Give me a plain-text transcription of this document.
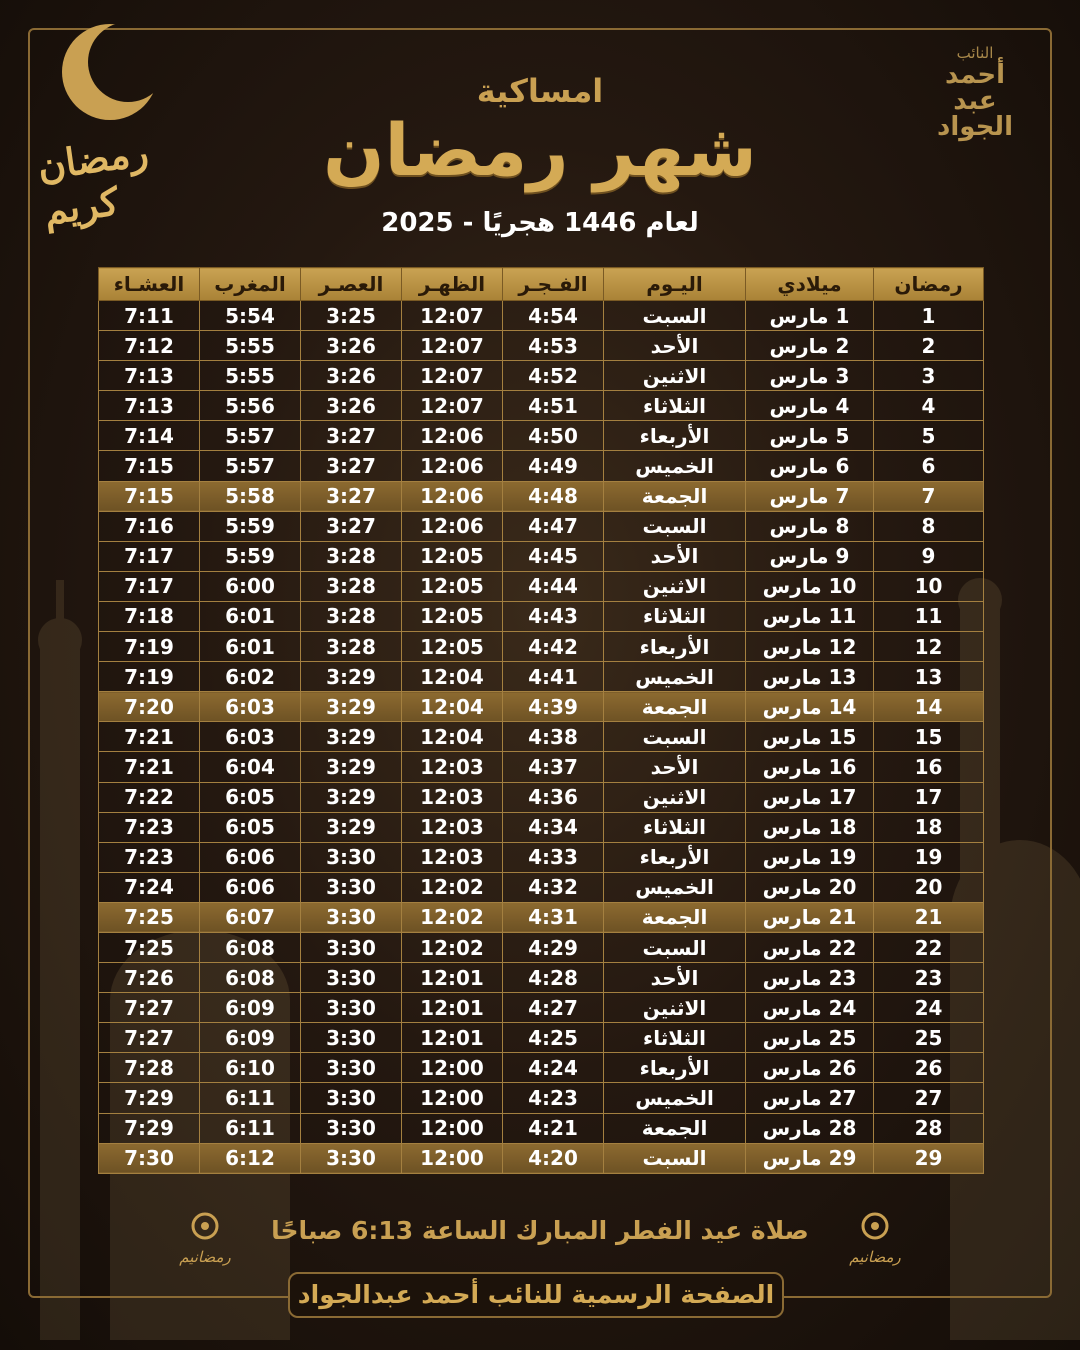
رمضان كريم
النائب
أحمد
عبد
الجواد
امساكية
شهر رمضان
لعام 1446 هجريًا - 2025
رمضان	ميلادي	اليـوم	الفـجـر	الظهـر	العصـر	المغرب	العشـاء
1	1 مارس	السبت	4:54	12:07	3:25	5:54	7:11
2	2 مارس	الأحد	4:53	12:07	3:26	5:55	7:12
3	3 مارس	الاثنين	4:52	12:07	3:26	5:55	7:13
4	4 مارس	الثلاثاء	4:51	12:07	3:26	5:56	7:13
5	5 مارس	الأربعاء	4:50	12:06	3:27	5:57	7:14
6	6 مارس	الخميس	4:49	12:06	3:27	5:57	7:15
7	7 مارس	الجمعة	4:48	12:06	3:27	5:58	7:15
8	8 مارس	السبت	4:47	12:06	3:27	5:59	7:16
9	9 مارس	الأحد	4:45	12:05	3:28	5:59	7:17
10	10 مارس	الاثنين	4:44	12:05	3:28	6:00	7:17
11	11 مارس	الثلاثاء	4:43	12:05	3:28	6:01	7:18
12	12 مارس	الأربعاء	4:42	12:05	3:28	6:01	7:19
13	13 مارس	الخميس	4:41	12:04	3:29	6:02	7:19
14	14 مارس	الجمعة	4:39	12:04	3:29	6:03	7:20
15	15 مارس	السبت	4:38	12:04	3:29	6:03	7:21
16	16 مارس	الأحد	4:37	12:03	3:29	6:04	7:21
17	17 مارس	الاثنين	4:36	12:03	3:29	6:05	7:22
18	18 مارس	الثلاثاء	4:34	12:03	3:29	6:05	7:23
19	19 مارس	الأربعاء	4:33	12:03	3:30	6:06	7:23
20	20 مارس	الخميس	4:32	12:02	3:30	6:06	7:24
21	21 مارس	الجمعة	4:31	12:02	3:30	6:07	7:25
22	22 مارس	السبت	4:29	12:02	3:30	6:08	7:25
23	23 مارس	الأحد	4:28	12:01	3:30	6:08	7:26
24	24 مارس	الاثنين	4:27	12:01	3:30	6:09	7:27
25	25 مارس	الثلاثاء	4:25	12:01	3:30	6:09	7:27
26	26 مارس	الأربعاء	4:24	12:00	3:30	6:10	7:28
27	27 مارس	الخميس	4:23	12:00	3:30	6:11	7:29
28	28 مارس	الجمعة	4:21	12:00	3:30	6:11	7:29
29	29 مارس	السبت	4:20	12:00	3:30	6:12	7:30
رمضانيم	رمضانيم
صلاة عيد الفطر المبارك الساعة 6:13 صباحًا
الصفحة الرسمية للنائب أحمد عبدالجواد
